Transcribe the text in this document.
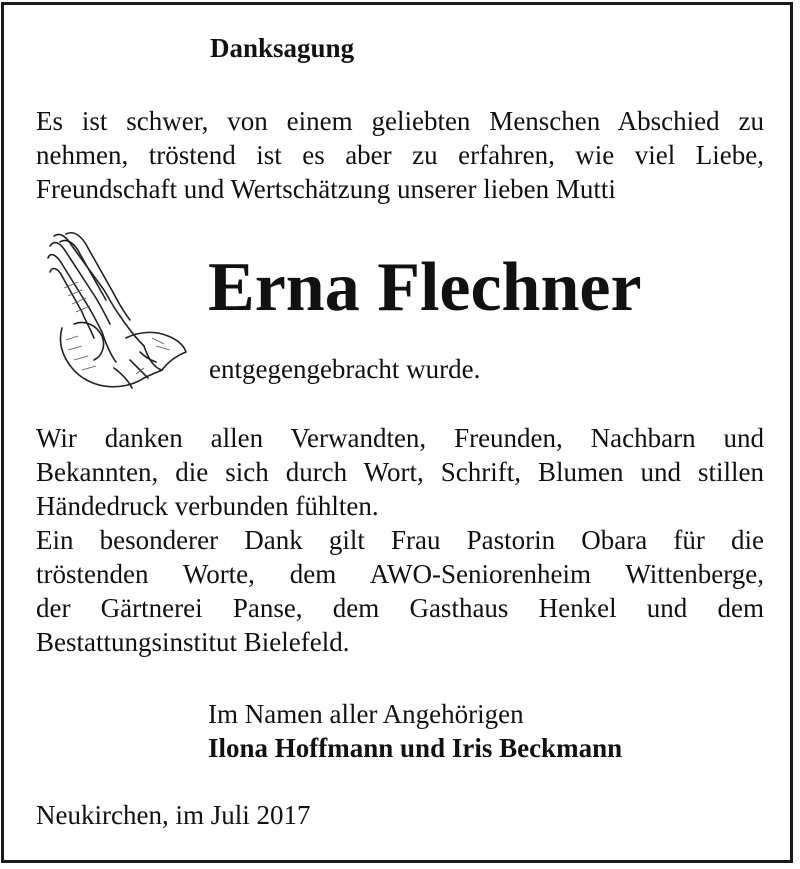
Danksagung
Es ist schwer, von einem geliebten Menschen Abschied zu
nehmen, tröstend ist es aber zu erfahren, wie viel Liebe,
Freundschaft und Wertschätzung unserer lieben Mutti
Erna Flechner
entgegengebracht wurde.
Wir danken allen Verwandten, Freunden, Nachbarn und
Bekannten, die sich durch Wort, Schrift, Blumen und stillen
Händedruck verbunden fühlten.
Ein besonderer Dank gilt Frau Pastorin Obara für die
tröstenden Worte, dem AWO-Seniorenheim Wittenberge,
der Gärtnerei Panse, dem Gasthaus Henkel und dem
Bestattungsinstitut Bielefeld.
Im Namen aller Angehörigen
Ilona Hoffmann und Iris Beckmann
Neukirchen, im Juli 2017
